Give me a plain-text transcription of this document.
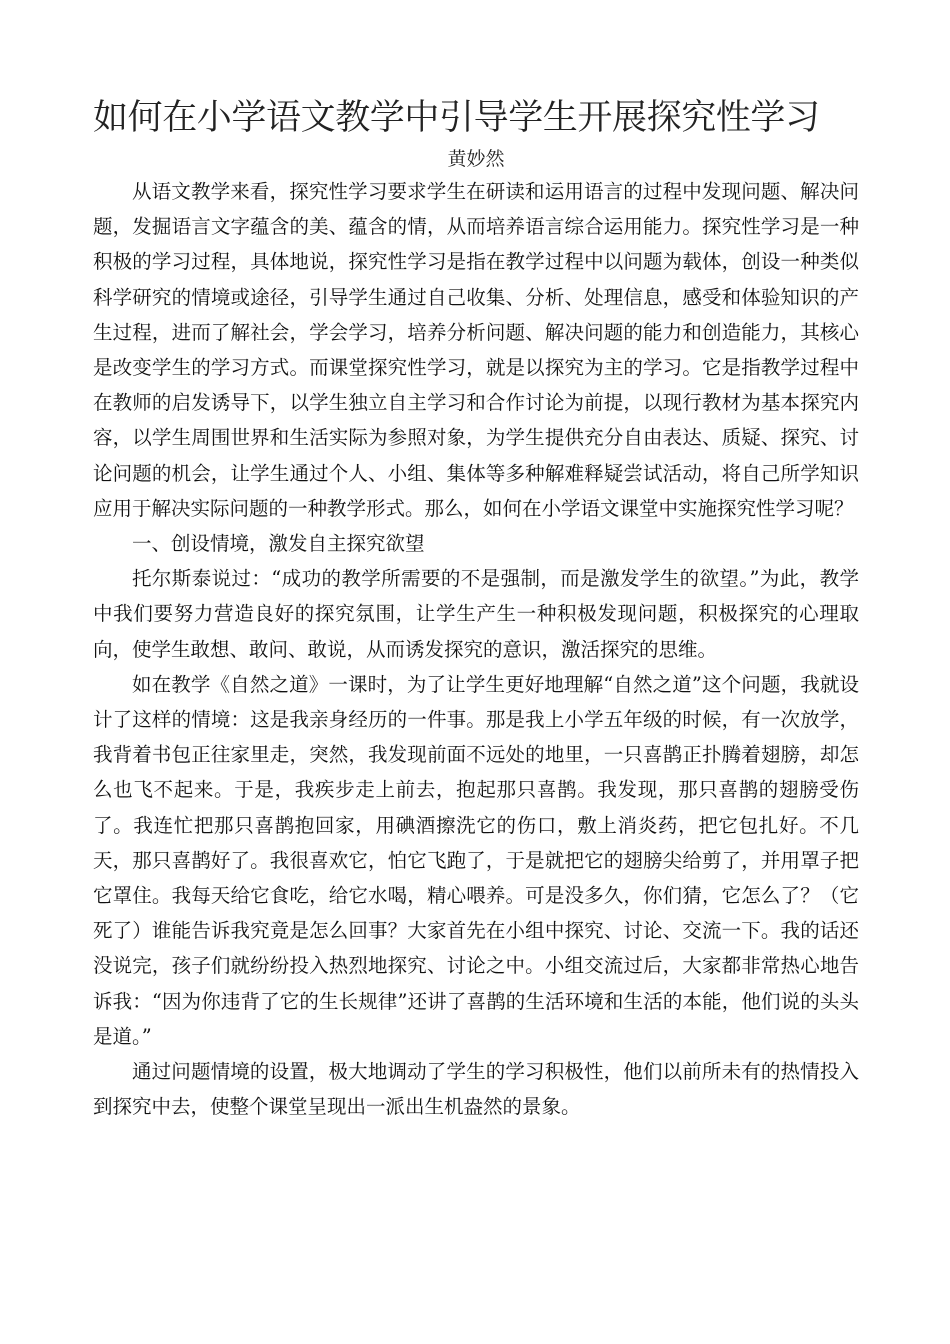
如何在小学语文教学中引导学生开展探究性学习

黄妙然

从语文教学来看，探究性学习要求学生在研读和运用语言的过程中发现问题、解决问题，发掘语言文字蕴含的美、蕴含的情，从而培养语言综合运用能力。探究性学习是一种积极的学习过程，具体地说，探究性学习是指在教学过程中以问题为载体，创设一种类似科学研究的情境或途径，引导学生通过自己收集、分析、处理信息，感受和体验知识的产生过程，进而了解社会，学会学习，培养分析问题、解决问题的能力和创造能力，其核心是改变学生的学习方式。而课堂探究性学习，就是以探究为主的学习。它是指教学过程中在教师的启发诱导下，以学生独立自主学习和合作讨论为前提，以现行教材为基本探究内容，以学生周围世界和生活实际为参照对象，为学生提供充分自由表达、质疑、探究、讨论问题的机会，让学生通过个人、小组、集体等多种解难释疑尝试活动，将自己所学知识应用于解决实际问题的一种教学形式。那么，如何在小学语文课堂中实施探究性学习呢？

一、创设情境，激发自主探究欲望

托尔斯泰说过：“成功的教学所需要的不是强制，而是激发学生的欲望。”为此，教学中我们要努力营造良好的探究氛围，让学生产生一种积极发现问题，积极探究的心理取向，使学生敢想、敢问、敢说，从而诱发探究的意识，激活探究的思维。

如在教学《自然之道》一课时，为了让学生更好地理解“自然之道”这个问题，我就设计了这样的情境：这是我亲身经历的一件事。那是我上小学五年级的时候，有一次放学，我背着书包正往家里走，突然，我发现前面不远处的地里，一只喜鹊正扑腾着翅膀，却怎么也飞不起来。于是，我疾步走上前去，抱起那只喜鹊。我发现，那只喜鹊的翅膀受伤了。我连忙把那只喜鹊抱回家，用碘酒擦洗它的伤口，敷上消炎药，把它包扎好。不几天，那只喜鹊好了。我很喜欢它，怕它飞跑了，于是就把它的翅膀尖给剪了，并用罩子把它罩住。我每天给它食吃，给它水喝，精心喂养。可是没多久，你们猜，它怎么了？（它死了）谁能告诉我究竟是怎么回事？大家首先在小组中探究、讨论、交流一下。我的话还没说完，孩子们就纷纷投入热烈地探究、讨论之中。小组交流过后，大家都非常热心地告诉我：“因为你违背了它的生长规律”还讲了喜鹊的生活环境和生活的本能，他们说的头头是道。”

通过问题情境的设置，极大地调动了学生的学习积极性，他们以前所未有的热情投入到探究中去，使整个课堂呈现出一派出生机盎然的景象。
